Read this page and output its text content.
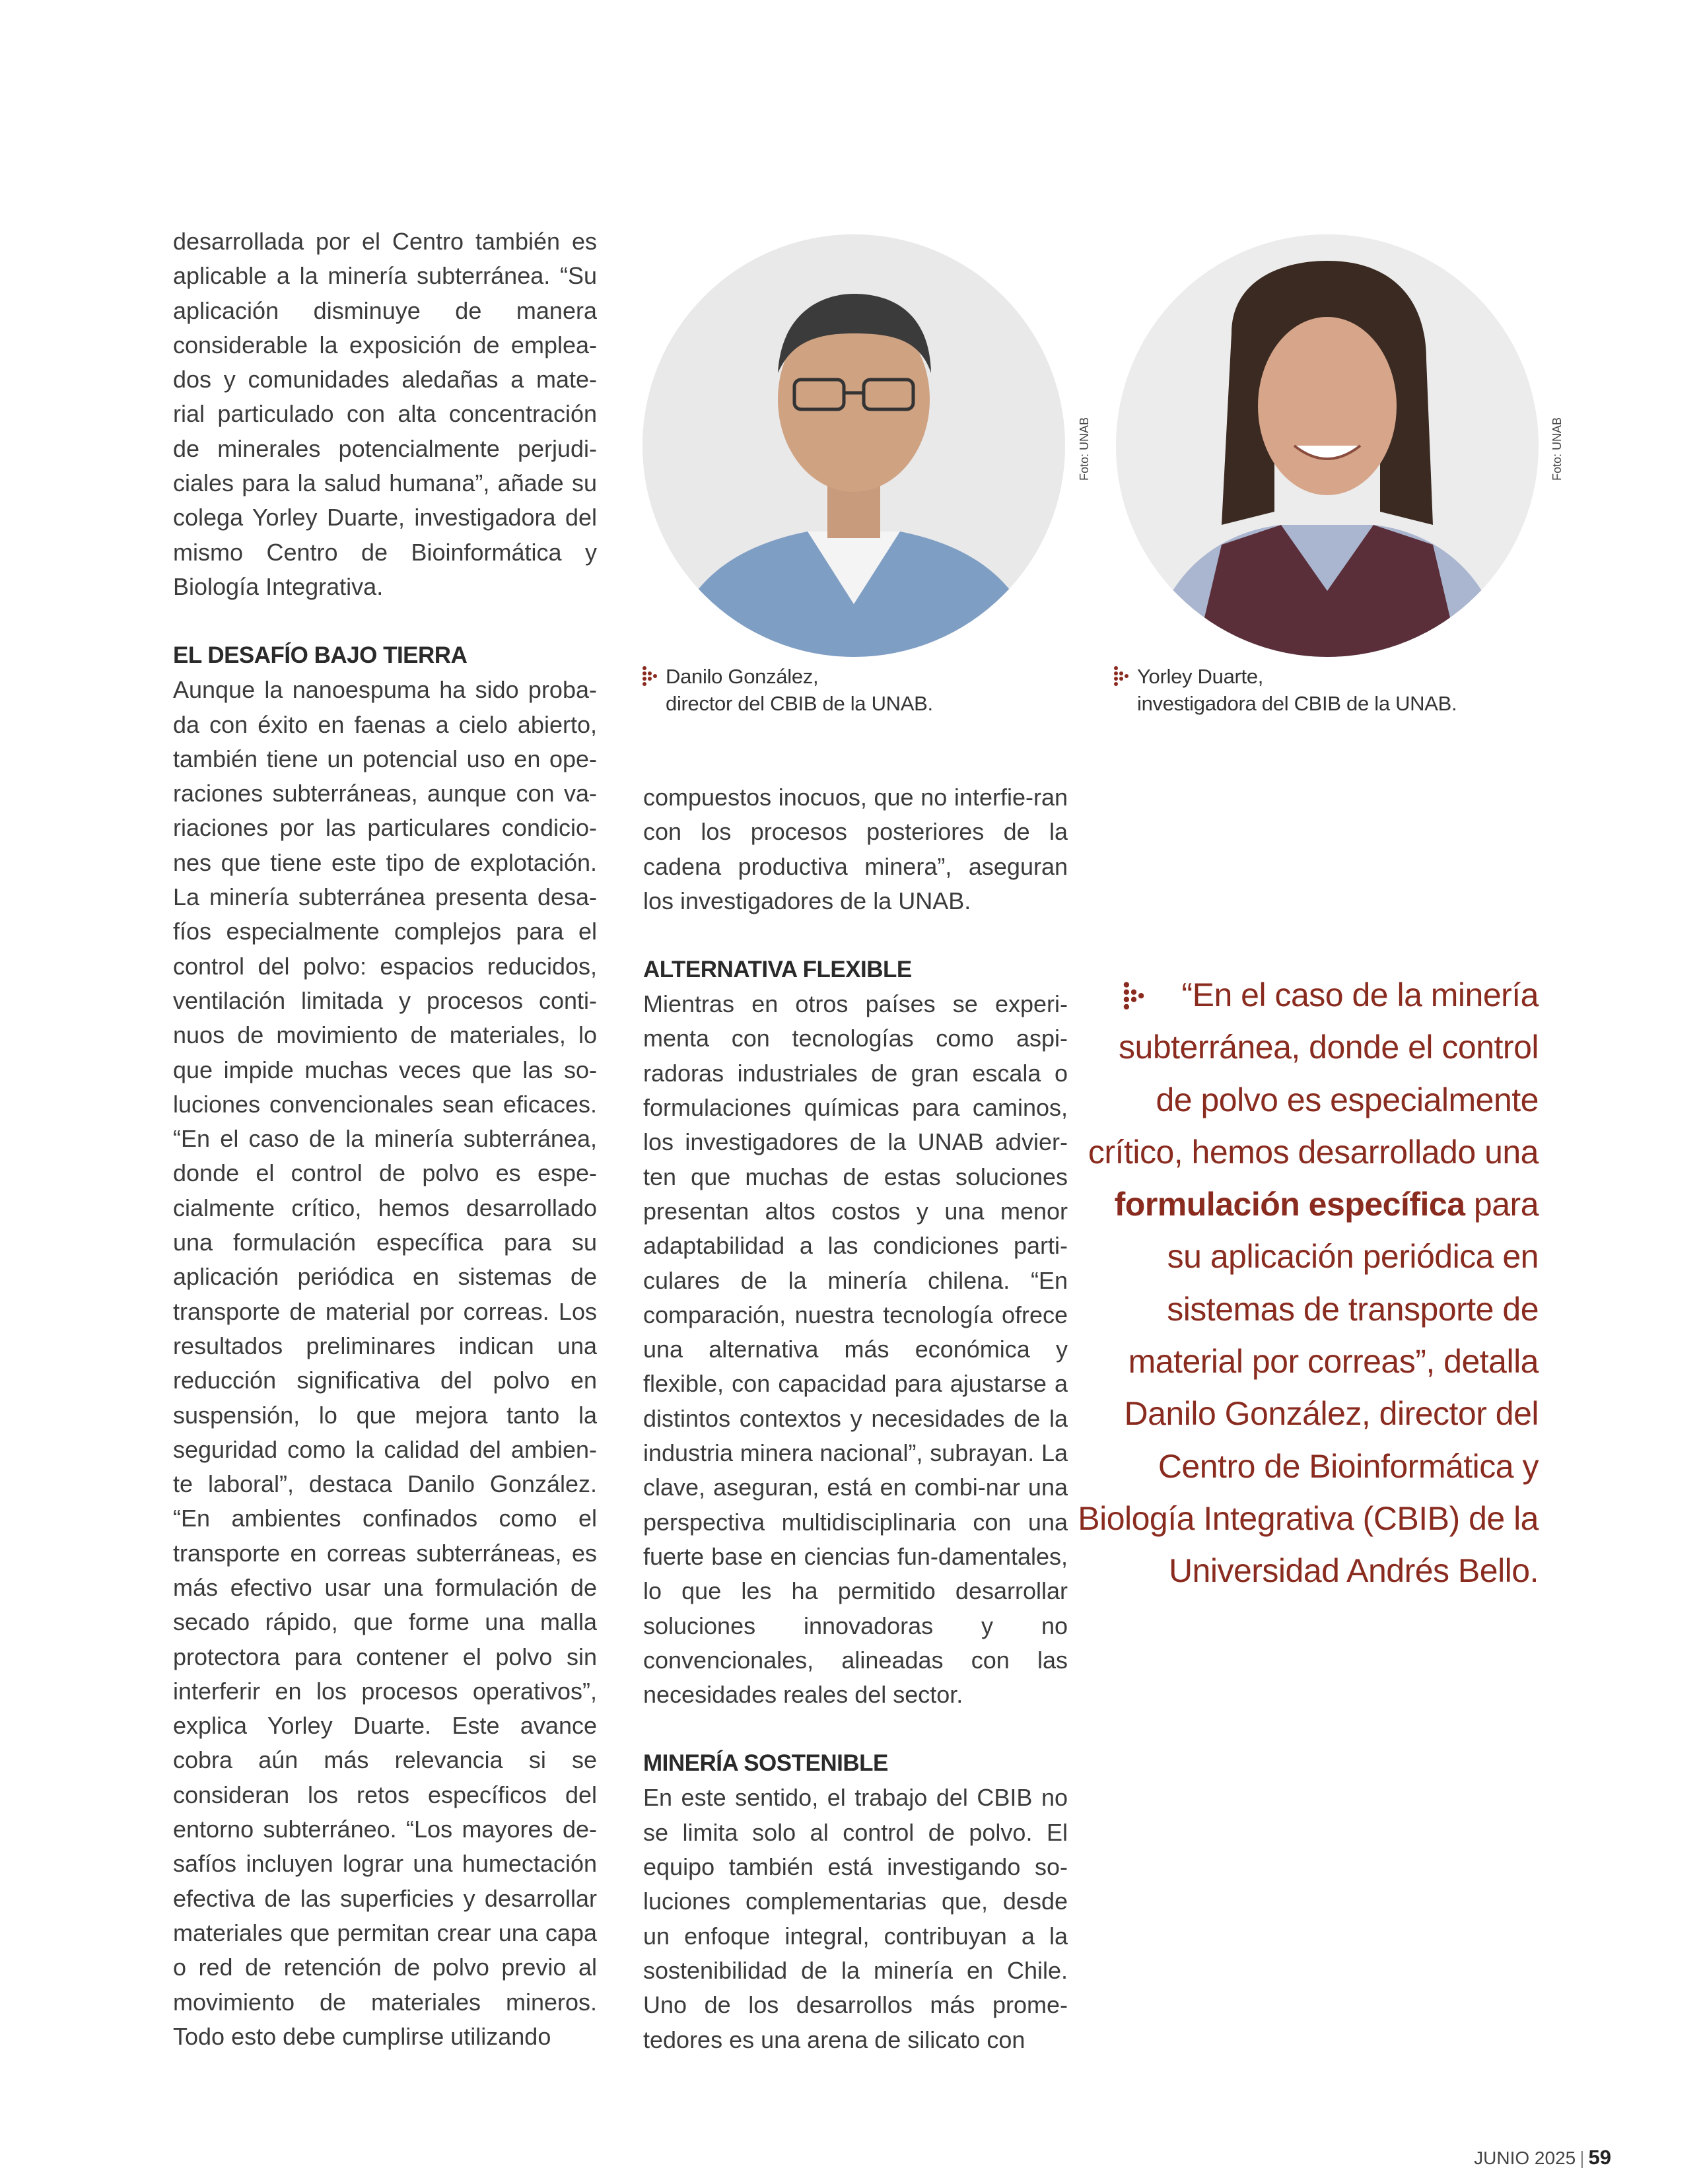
desarrollada por el Centro también es aplicable a la minería subterránea. “Su aplicación disminuye de manera considerable la exposición de emplea-dos y comunidades aledañas a mate-rial particulado con alta concentración de minerales potencialmente perjudi-ciales para la salud humana”, añade su colega Yorley Duarte, investigadora del mismo Centro de Bioinformática y Biología Integrativa.

EL DESAFÍO BAJO TIERRA

Aunque la nanoespuma ha sido proba-da con éxito en faenas a cielo abierto, también tiene un potencial uso en ope-raciones subterráneas, aunque con va-riaciones por las particulares condicio-nes que tiene este tipo de explotación. La minería subterránea presenta desa-fíos especialmente complejos para el control del polvo: espacios reducidos, ventilación limitada y procesos conti-nuos de movimiento de materiales, lo que impide muchas veces que las so-luciones convencionales sean eficaces. “En el caso de la minería subterránea, donde el control de polvo es espe-cialmente crítico, hemos desarrollado una formulación específica para su aplicación periódica en sistemas de transporte de material por correas. Los resultados preliminares indican una reducción significativa del polvo en suspensión, lo que mejora tanto la seguridad como la calidad del ambien-te laboral”, destaca Danilo González. “En ambientes confinados como el transporte en correas subterráneas, es más efectivo usar una formulación de secado rápido, que forme una malla protectora para contener el polvo sin interferir en los procesos operativos”, explica Yorley Duarte. Este avance cobra aún más relevancia si se consideran los retos específicos del entorno subterráneo. “Los mayores de-safíos incluyen lograr una humectación efectiva de las superficies y desarrollar materiales que permitan crear una capa o red de retención de polvo previo al movimiento de materiales mineros. Todo esto debe cumplirse utilizando

Foto: UNAB	Foto: UNAB
Danilo González,
director del CBIB de la UNAB.
Yorley Duarte,
investigadora del CBIB de la UNAB.

compuestos inocuos, que no interfie-ran con los procesos posteriores de la cadena productiva minera”, aseguran los investigadores de la UNAB.

ALTERNATIVA FLEXIBLE

Mientras en otros países se experi-menta con tecnologías como aspi-radoras industriales de gran escala o formulaciones químicas para caminos, los investigadores de la UNAB advier-ten que muchas de estas soluciones presentan altos costos y una menor adaptabilidad a las condiciones parti-culares de la minería chilena. “En comparación, nuestra tecnología ofrece una alternativa más económica y flexible, con capacidad para ajustarse a distintos contextos y necesidades de la industria minera nacional”, subrayan. La clave, aseguran, está en combi-nar una perspectiva multidisciplinaria con una fuerte base en ciencias fun-damentales, lo que les ha permitido desarrollar soluciones innovadoras y no convencionales, alineadas con las necesidades reales del sector.

MINERÍA SOSTENIBLE

En este sentido, el trabajo del CBIB no se limita solo al control de polvo. El equipo también está investigando so-luciones complementarias que, desde un enfoque integral, contribuyan a la sostenibilidad de la minería en Chile. Uno de los desarrollos más prome-tedores es una arena de silicato con

“En el caso de la minería subterránea, donde el control de polvo es especialmente crítico, hemos desarrollado una formulación específica para su aplicación periódica en sistemas de transporte de material por correas”, detalla Danilo González, director del Centro de Bioinformática y Biología Integrativa (CBIB) de la Universidad Andrés Bello.
JUNIO 2025 | 59
